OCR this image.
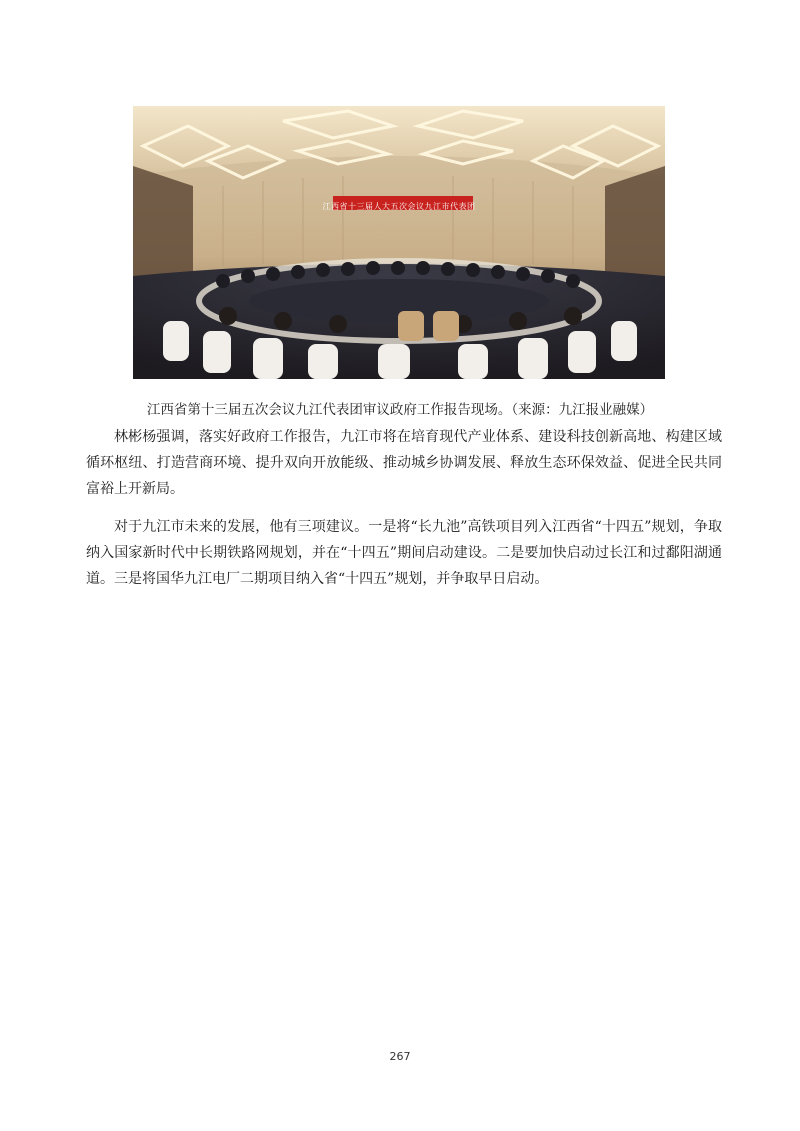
江西省十三届人大五次会议九江市代表团
江西省第十三届五次会议九江代表团审议政府工作报告现场。（来源：九江报业融媒）

林彬杨强调，落实好政府工作报告，九江市将在培育现代产业体系、建设科技创新高地、构建区域循环枢纽、打造营商环境、提升双向开放能级、推动城乡协调发展、释放生态环保效益、促进全民共同富裕上开新局。

对于九江市未来的发展，他有三项建议。一是将“长九池”高铁项目列入江西省“十四五”规划，争取纳入国家新时代中长期铁路网规划，并在“十四五”期间启动建设。二是要加快启动过长江和过鄱阳湖通道。三是将国华九江电厂二期项目纳入省“十四五”规划，并争取早日启动。

267
